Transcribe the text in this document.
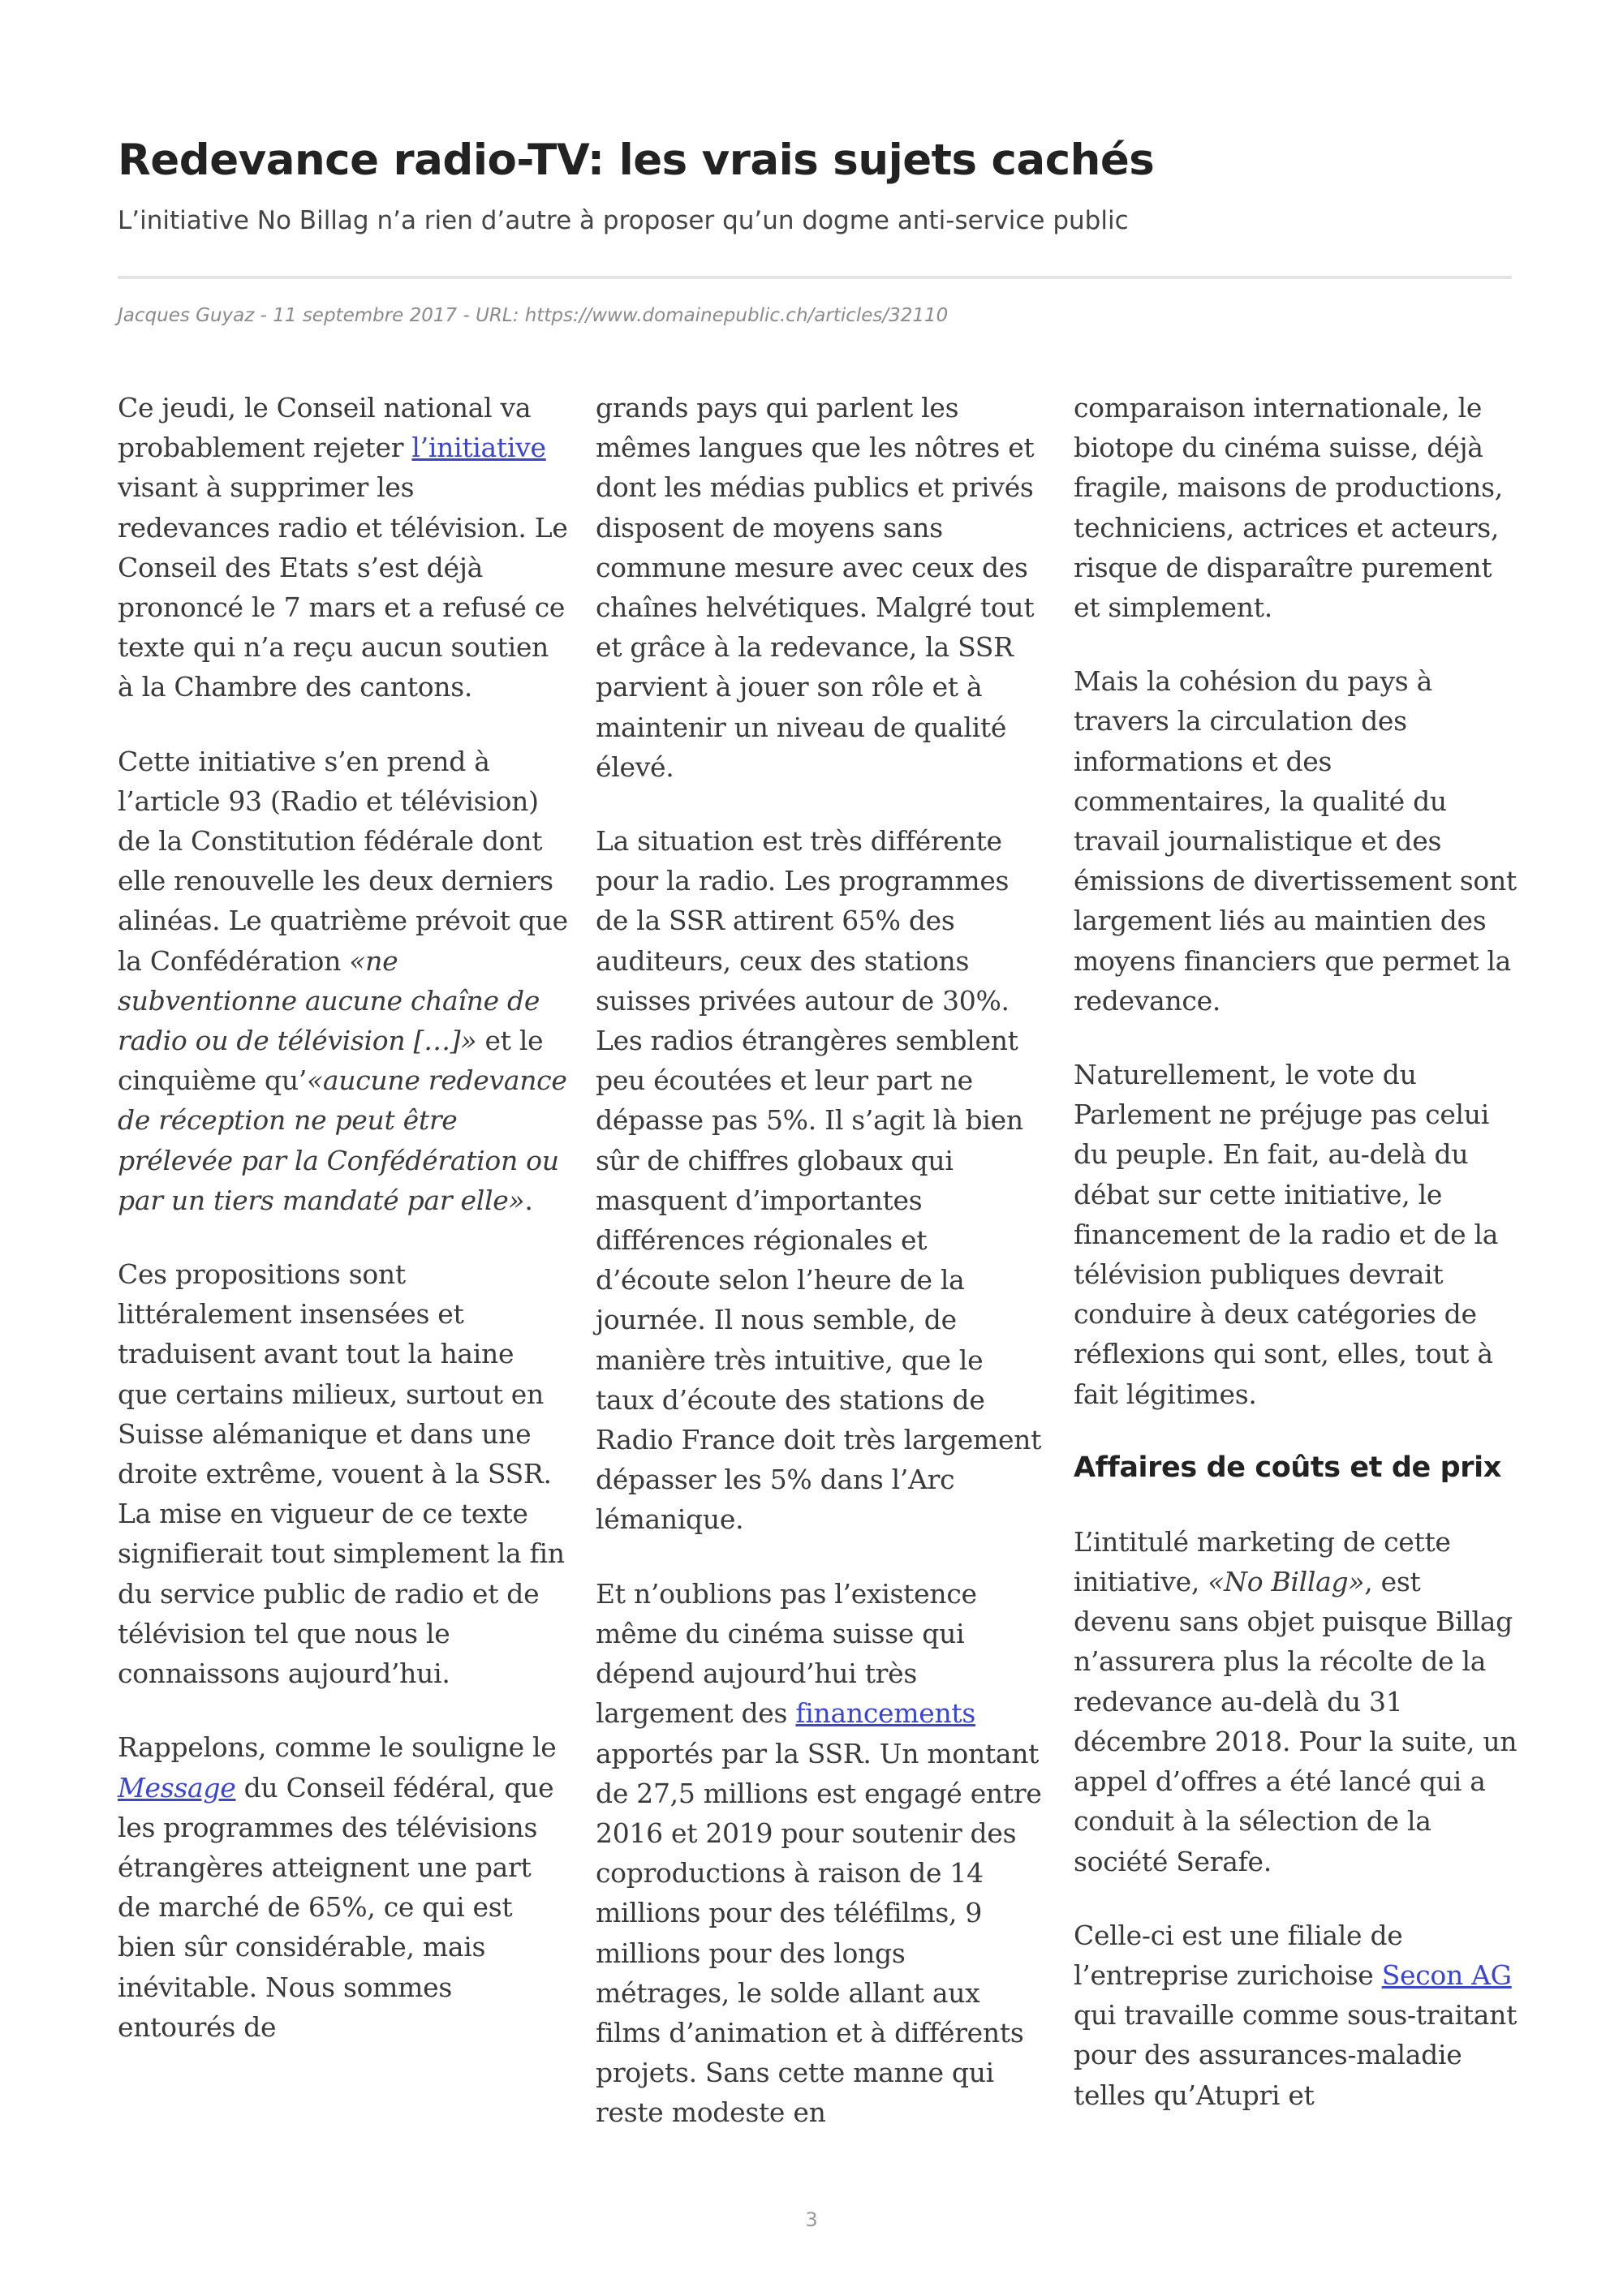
Redevance radio-TV: les vrais sujets cachés
L’initiative No Billag n’a rien d’autre à proposer qu’un dogme anti-service public
Jacques Guyaz - 11 septembre 2017 - URL: https://www.domainepublic.ch/articles/32110

Ce jeudi, le Conseil national va probablement rejeter l’initiative visant à supprimer les redevances radio et télévision. Le Conseil des Etats s’est déjà prononcé le 7 mars et a refusé ce texte qui n’a reçu aucun soutien à la Chambre des cantons.

Cette initiative s’en prend à l’article 93 (Radio et télévision) de la Constitution fédérale dont elle renouvelle les deux derniers alinéas. Le quatrième prévoit que la Confédération «ne subventionne aucune chaîne de radio ou de télévision […]» et le cinquième qu’«aucune redevance de réception ne peut être prélevée par la Confédération ou par un tiers mandaté par elle».

Ces propositions sont littéralement insensées et traduisent avant tout la haine que certains milieux, surtout en Suisse alémanique et dans une droite extrême, vouent à la SSR. La mise en vigueur de ce texte signifierait tout simplement la fin du service public de radio et de télévision tel que nous le connaissons aujourd’hui.

Rappelons, comme le souligne le Message du Conseil fédéral, que les programmes des télévisions étrangères atteignent une part de marché de 65%, ce qui est bien sûr considérable, mais inévitable. Nous sommes entourés de

grands pays qui parlent les mêmes langues que les nôtres et dont les médias publics et privés disposent de moyens sans commune mesure avec ceux des chaînes helvétiques. Malgré tout et grâce à la redevance, la SSR parvient à jouer son rôle et à maintenir un niveau de qualité élevé.

La situation est très différente pour la radio. Les programmes de la SSR attirent 65% des auditeurs, ceux des stations suisses privées autour de 30%. Les radios étrangères semblent peu écoutées et leur part ne dépasse pas 5%. Il s’agit là bien sûr de chiffres globaux qui masquent d’importantes différences régionales et d’écoute selon l’heure de la journée. Il nous semble, de manière très intuitive, que le taux d’écoute des stations de Radio France doit très largement dépasser les 5% dans l’Arc lémanique.

Et n’oublions pas l’existence même du cinéma suisse qui dépend aujourd’hui très largement des financements apportés par la SSR. Un montant de 27,5 millions est engagé entre 2016 et 2019 pour soutenir des coproductions à raison de 14 millions pour des téléfilms, 9 millions pour des longs métrages, le solde allant aux films d’animation et à différents projets. Sans cette manne qui reste modeste en

comparaison internationale, le biotope du cinéma suisse, déjà fragile, maisons de productions, techniciens, actrices et acteurs, risque de disparaître purement et simplement.

Mais la cohésion du pays à travers la circulation des informations et des commentaires, la qualité du travail journalistique et des émissions de divertissement sont largement liés au maintien des moyens financiers que permet la redevance.

Naturellement, le vote du Parlement ne préjuge pas celui du peuple. En fait, au-delà du débat sur cette initiative, le financement de la radio et de la télévision publiques devrait conduire à deux catégories de réflexions qui sont, elles, tout à fait légitimes.

Affaires de coûts et de prix

L’intitulé marketing de cette initiative, «No Billag», est devenu sans objet puisque Billag n’assurera plus la récolte de la redevance au-delà du 31 décembre 2018. Pour la suite, un appel d’offres a été lancé qui a conduit à la sélection de la société Serafe.

Celle-ci est une filiale de l’entreprise zurichoise Secon AG qui travaille comme sous-traitant pour des assurances-maladie telles qu’Atupri et

3
